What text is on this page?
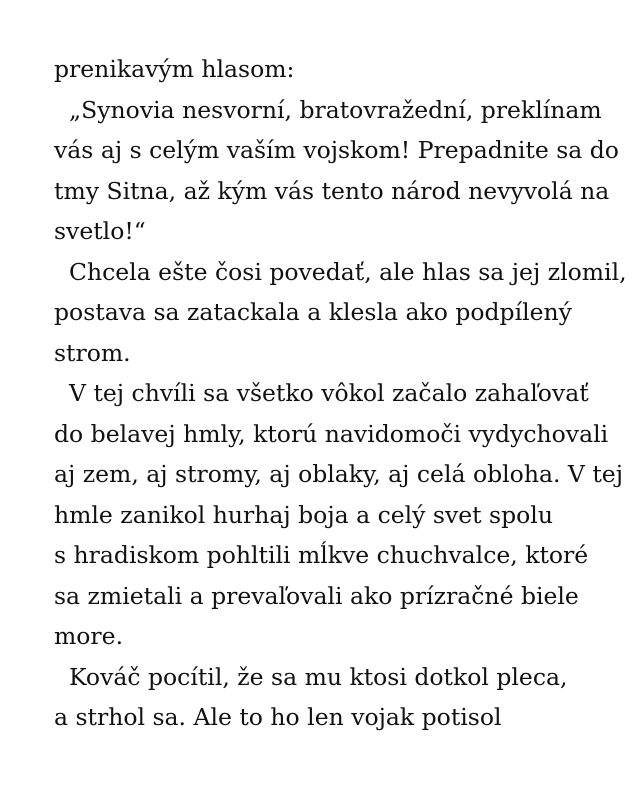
prenikavým hlasom:
„Synovia nesvorní, bratovražední, preklínam
vás aj s celým vaším vojskom! Prepadnite sa do
tmy Sitna, až kým vás tento národ nevyvolá na
svetlo!“
Chcela ešte čosi povedať, ale hlas sa jej zlomil,
postava sa zatackala a klesla ako podpílený
strom.
V tej chvíli sa všetko vôkol začalo zahaľovať
do belavej hmly, ktorú navidomoči vydychovali
aj zem, aj stromy, aj oblaky, aj celá obloha. V tej
hmle zanikol hurhaj boja a celý svet spolu
s hradiskom pohltili mĺkve chuchvalce, ktoré
sa zmietali a prevaľovali ako prízračné biele
more.
Kováč pocítil, že sa mu ktosi dotkol pleca,
a strhol sa. Ale to ho len vojak potisol
